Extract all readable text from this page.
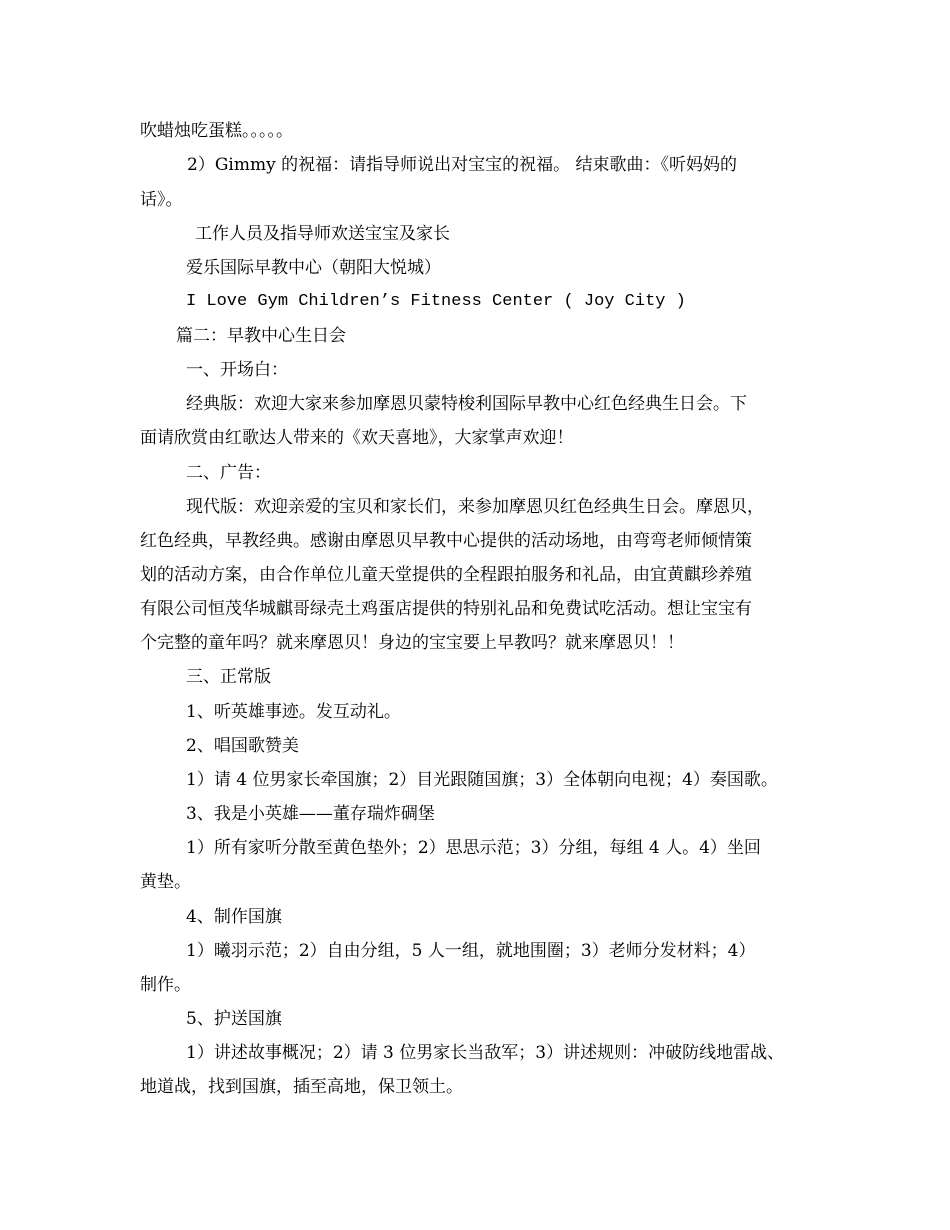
吹蜡烛吃蛋糕。。。。。
2）Gimmy 的祝福：请指导师说出对宝宝的祝福。 结束歌曲：《听妈妈的
话》。
工作人员及指导师欢送宝宝及家长
爱乐国际早教中心（朝阳大悦城）
I Love Gym Children’s Fitness Center ( Joy City )
篇二：早教中心生日会
一、开场白：
经典版：欢迎大家来参加摩恩贝蒙特梭利国际早教中心红色经典生日会。下
面请欣赏由红歌达人带来的《欢天喜地》，大家掌声欢迎！
二、广告：
现代版：欢迎亲爱的宝贝和家长们，来参加摩恩贝红色经典生日会。摩恩贝，
红色经典，早教经典。感谢由摩恩贝早教中心提供的活动场地，由弯弯老师倾情策
划的活动方案，由合作单位儿童天堂提供的全程跟拍服务和礼品，由宜黄麒珍养殖
有限公司恒茂华城麒哥绿壳土鸡蛋店提供的特别礼品和免费试吃活动。想让宝宝有
个完整的童年吗？就来摩恩贝！身边的宝宝要上早教吗？就来摩恩贝！！
三、正常版
1、听英雄事迹。发互动礼。
2、唱国歌赞美
1）请 4 位男家长牵国旗；2）目光跟随国旗；3）全体朝向电视；4）奏国歌。
3、我是小英雄——董存瑞炸碉堡
1）所有家听分散至黄色垫外；2）思思示范；3）分组，每组 4 人。4）坐回
黄垫。
4、制作国旗
1）曦羽示范；2）自由分组，5 人一组，就地围圈；3）老师分发材料；4）
制作。
5、护送国旗
1）讲述故事概况；2）请 3 位男家长当敌军；3）讲述规则：冲破防线地雷战、
地道战，找到国旗，插至高地，保卫领土。
